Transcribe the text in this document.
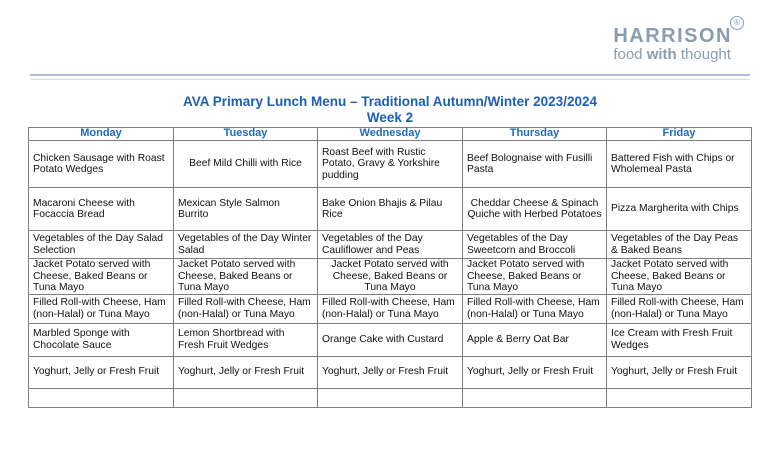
HARRISON
food with thought
®
AVA Primary Lunch Menu – Traditional Autumn/Winter 2023/2024
Week 2
Monday	Tuesday	Wednesday	Thursday	Friday
Chicken Sausage with Roast Potato Wedges	Beef Mild Chilli with Rice	Roast Beef with Rustic Potato, Gravy & Yorkshire pudding	Beef Bolognaise with Fusilli Pasta	Battered Fish with Chips or Wholemeal Pasta
Macaroni Cheese with Focaccia Bread	Mexican Style Salmon Burrito	Bake Onion Bhajis & Pilau Rice	Cheddar Cheese & Spinach Quiche with Herbed Potatoes	Pizza Margherita with Chips
Vegetables of the Day Salad Selection	Vegetables of the Day Winter Salad	Vegetables of the Day Cauliflower and Peas	Vegetables of the Day Sweetcorn and Broccoli	Vegetables of the Day Peas & Baked Beans
Jacket Potato served with Cheese, Baked Beans or Tuna Mayo	Jacket Potato served with Cheese, Baked Beans or Tuna Mayo	Jacket Potato served with Cheese, Baked Beans or Tuna Mayo	Jacket Potato served with Cheese, Baked Beans or Tuna Mayo	Jacket Potato served with Cheese, Baked Beans or Tuna Mayo
Filled Roll-with Cheese, Ham (non-Halal) or Tuna Mayo	Filled Roll-with Cheese, Ham (non-Halal) or Tuna Mayo	Filled Roll-with Cheese, Ham (non-Halal) or Tuna Mayo	Filled Roll-with Cheese, Ham (non-Halal) or Tuna Mayo	Filled Roll-with Cheese, Ham (non-Halal) or Tuna Mayo
Marbled Sponge with Chocolate Sauce	Lemon Shortbread with Fresh Fruit Wedges	Orange Cake with Custard	Apple & Berry Oat Bar	Ice Cream with Fresh Fruit Wedges
Yoghurt, Jelly or Fresh Fruit	Yoghurt, Jelly or Fresh Fruit	Yoghurt, Jelly or Fresh Fruit	Yoghurt, Jelly or Fresh Fruit	Yoghurt, Jelly or Fresh Fruit
